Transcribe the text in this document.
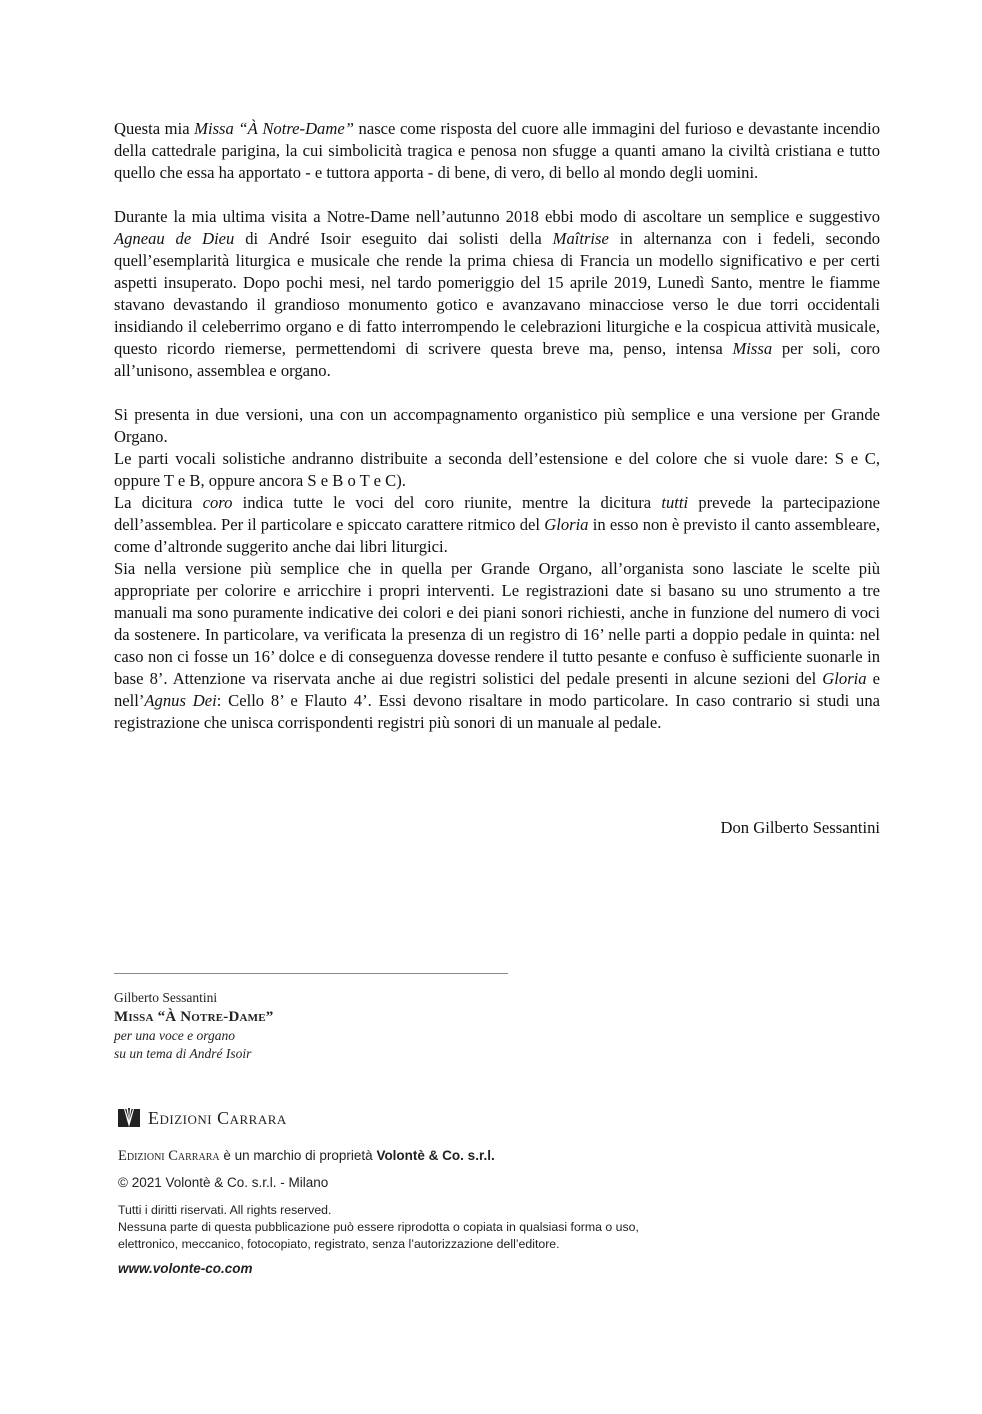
Questa mia Missa “À Notre-Dame” nasce come risposta del cuore alle immagini del furioso e devastante incendio della cattedrale parigina, la cui simbolicità tragica e penosa non sfugge a quanti amano la civiltà cristiana e tutto quello che essa ha apportato - e tuttora apporta - di bene, di vero, di bello al mondo degli uomini.

Durante la mia ultima visita a Notre-Dame nell’autunno 2018 ebbi modo di ascoltare un semplice e suggestivo Agneau de Dieu di André Isoir eseguito dai solisti della Maîtrise in alternanza con i fedeli, secondo quell’esemplarità liturgica e musicale che rende la prima chiesa di Francia un modello significativo e per certi aspetti insuperato. Dopo pochi mesi, nel tardo pomeriggio del 15 aprile 2019, Lunedì Santo, mentre le fiamme stavano devastando il grandioso monumento gotico e avanzavano minacciose verso le due torri occidentali insidiando il celeberrimo organo e di fatto interrompendo le celebrazioni liturgiche e la cospicua attività musicale, questo ricordo riemerse, permettendomi di scrivere questa breve ma, penso, intensa Missa per soli, coro all’unisono, assemblea e organo.

Si presenta in due versioni, una con un accompagnamento organistico più semplice e una versione per Grande Organo.

Le parti vocali solistiche andranno distribuite a seconda dell’estensione e del colore che si vuole dare: S e C, oppure T e B, oppure ancora S e B o T e C).

La dicitura coro indica tutte le voci del coro riunite, mentre la dicitura tutti prevede la partecipazione dell’assemblea. Per il particolare e spiccato carattere ritmico del Gloria in esso non è previsto il canto assembleare, come d’altronde suggerito anche dai libri liturgici.

Sia nella versione più semplice che in quella per Grande Organo, all’organista sono lasciate le scelte più appropriate per colorire e arricchire i propri interventi. Le registrazioni date si basano su uno strumento a tre manuali ma sono puramente indicative dei colori e dei piani sonori richiesti, anche in funzione del numero di voci da sostenere. In particolare, va verificata la presenza di un registro di 16’ nelle parti a doppio pedale in quinta: nel caso non ci fosse un 16’ dolce e di conseguenza dovesse rendere il tutto pesante e confuso è sufficiente suonarle in base 8’. Attenzione va riservata anche ai due registri solistici del pedale presenti in alcune sezioni del Gloria e nell’Agnus Dei: Cello 8’ e Flauto 4’. Essi devono risaltare in modo particolare. In caso contrario si studi una registrazione che unisca corrispondenti registri più sonori di un manuale al pedale.

Don Gilberto Sessantini
Gilberto Sessantini
Missa “À Notre-Dame”
per una voce e organo
su un tema di André Isoir
Edizioni Carrara
Edizioni Carrara è un marchio di proprietà Volontè & Co. s.r.l.
© 2021 Volontè & Co. s.r.l. - Milano
Tutti i diritti riservati. All rights reserved.
Nessuna parte di questa pubblicazione può essere riprodotta o copiata in qualsiasi forma o uso,
elettronico, meccanico, fotocopiato, registrato, senza l’autorizzazione dell’editore.
www.volonte-co.com
